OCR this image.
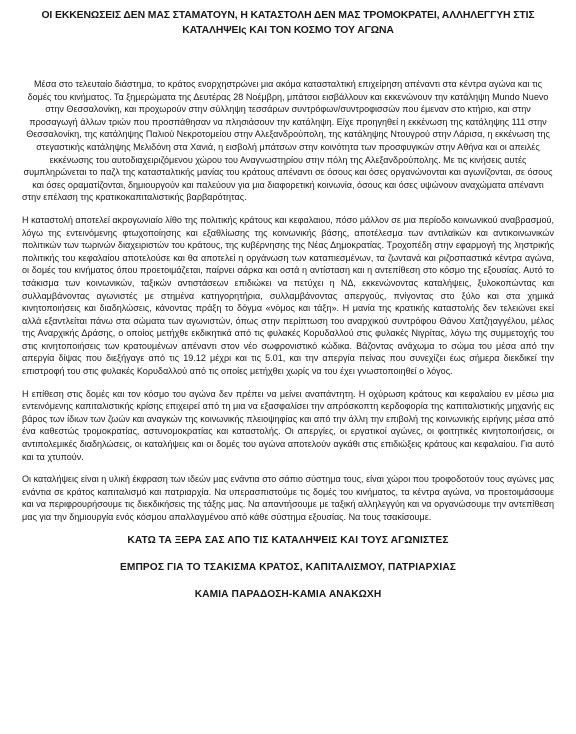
ΟΙ ΕΚΚΕΝΩΣΕΙΣ ΔΕΝ ΜΑΣ ΣΤΑΜΑΤΟΥΝ, Η ΚΑΤΑΣΤΟΛΗ ΔΕΝ ΜΑΣ ΤΡΟΜΟΚΡΑΤΕΙ, ΑΛΛΗΛΕΓΓΥΗ ΣΤΙΣ
ΚΑΤΑΛΗΨΕΙς ΚΑΙ ΤΟΝ ΚΟΣΜΟ ΤΟΥ ΑΓΩΝΑ

Μέσα στο τελευταίο διάστημα, το κράτος ενορχηστρώνει μια ακόμα κατασταλτική επιχείρηση απέναντι στα κέντρα αγώνα και τις δομές του κινήματος. Τα ξημερώματα της Δευτέρας 28 Νοέμβρη, μπάτσοι εισβάλλουν και εκκενώνουν την κατάληψη Mundo Nuevo στην Θεσσαλονίκη, και προχωρούν στην σύλληψη τεσσάρων συντρόφων/συντροφισσών που έμεναν στο κτήριο, και στην προσαγωγή άλλων τριών που προσπάθησαν να πλησιάσουν την κατάληψη. Είχε προηγηθεί η εκκένωση της κατάληψης 111 στην Θεσσαλονίκη, της κατάληψης Παλιού Νεκροτομείου στην Αλεξανδρούπολη, της κατάληψης Ντουγρού στην Λάρισα, η εκκένωση της στεγαστικής κατάληψης Μελιδόνη στα Χανιά, η εισβολή μπάτσων στην κοινότητα των προσφυγικών στην Αθήνα και οι απειλές εκκένωσης του αυτοδιαχειριζόμενου χώρου του Αναγνωστηρίου στην πόλη της Αλεξανδρούπολης. Με τις κινήσεις αυτές συμπληρώνεται το παζλ της κατασταλτικής μανίας του κράτους απέναντι σε όσους και όσες οργανώνονται και αγωνίζονται, σε όσους και όσες οραματίζονται, δημιουργούν και παλεύουν για μια διαφορετική κοινωνία, όσους και όσες υψώνουν αναχώματα απέναντι στην επέλαση της κρατικοκαπιταλιστικής βαρβαρότητας.

Η καταστολή αποτελεί ακρογωνιαίο λίθο της πολιτικής κράτους και κεφαλαιου, πόσο μάλλον σε μια περίοδο κοινωνικού αναβρασμού, λόγω της εντεινόμενης φτωχοποίησης και εξαθλίωσης της κοινωνικής βάσης, αποτέλεσμα των αντιλαϊκών και αντικοινωνικών πολιτικών των τωρινών διαχειριστών του κράτους, της κυβέρνησης της Νέας Δημοκρατίας. Τροχοπέδη στην εφαρμογή της ληστρικής πολιτικής του κεφαλαίου αποτελούσε και θα αποτελεί η οργάνωση των καταπιεσμένων, τα ζωντανά και ριζοσπαστικά κέντρα αγώνα, οι δομές του κινήματος όπου προετοιμάζεται, παίρνει σάρκα και οστά η αντίσταση και η αντεπίθεση στο κόσμο της εξουσίας. Αυτό το τσάκισμα των κοινωνικών, ταξικών αντιστάσεων επιδιώκει να πετύχει η ΝΔ, εκκενώνοντας καταλήψεις, ξυλοκοπώντας και συλλαμβάνοντας αγωνιστές με στημένα κατηγορητήρια, συλλαμβάνοντας απεργούς, πνίγοντας στο ξύλο και στα χημικά κινητοποιήσεις και διαδηλώσεις, κάνοντας πράξη το δόγμα «νόμος και τάξη». Η μανία της κρατικής καταστολής δεν τελειώνει εκεί αλλά εξαντλείται πάνω στα σώματα των αγωνιστών, όπως στην περίπτωση του αναρχικού συντρόφου Θάνου Χατζηαγγέλου, μέλος της Αναρχικής Δράσης, ο οποίος μετήχθε εκδικητικά από τις φυλακές Κορυδαλλού στις φυλακές Νιγρίτας, λόγω της συμμετοχής του στις κινητοποιήσεις των κρατουμένων απέναντι στον νέο σωφρονιστικό κώδικα. Βάζοντας ανάχωμα το σώμα του μέσα από την απεργία δίψας που διεξήγαγε από τις 19.12 μέχρι και τις 5.01, και την απεργία πείνας που συνεχίζει έως σήμερα διεκδικεί την επιστροφή του στις φυλακές Κορυδαλλού από τις οποίες μετήχθει χωρίς να του έχει γνωστοποιηθεί ο λόγος.

Η επίθεση στις δομές και τον κόσμο του αγώνα δεν πρέπει να μείνει αναπάντητη. Η οχύρωση κράτους και κεφαλαίου εν μέσω μια εντεινόμενης καπιταλιστικής κρίσης επιχειρεί από τη μια να εξασφαλίσει την απρόσκοπτη κερδοφορία της καπιταλιστικής μηχανής εις βάρος των ίδιων των ζωών και αναγκών της κοινωνικής πλειοψηφίας και από την άλλη την επιβολή της κοινωνικής ειρήνης μέσα από ένα καθεστώς τρομοκρατίας, αστυνομοκρατίας και καταστολής. Οι απεργίες, οι εργατικοί αγώνες, οι φοιτητικές κινητοποιήσεις, οι αντιπολεμικές διαδηλώσεις, οι καταλήψεις και οι δομές του αγώνα αποτελούν αγκάθι στις επιδιώξεις κράτους και κεφαλαίου. Για αυτό και τα χτυπούν.

Οι καταλήψεις είναι η υλική έκφραση των ιδεών μας ενάντια στο σάπιο σύστημα τους, είναι χώροι που τροφοδοτούν τους αγώνες μας ενάντια σε κράτος καπιταλισμό και πατριαρχία. Να υπερασπιστούμε τις δομές του κινήματος, τα κέντρα αγώνα, να προετοιμάσουμε και να περιφρουρήσουμε τις διεκδικήσεις της τάξης μας. Να απαντήσουμε με ταξική αλληλεγγύη και να οργανώσουμε την αντεπίθεση μας για την δημιουργία ενός κόσμου απαλλαγμένου από κάθε σύστημα εξουσίας. Να τους τσακίσουμε.

ΚΑΤΩ ΤΑ ΞΕΡΑ ΣΑΣ ΑΠΟ ΤΙΣ ΚΑΤΑΛΗΨΕΙΣ ΚΑΙ ΤΟΥΣ ΑΓΩΝΙΣΤΕΣ
ΕΜΠΡΟΣ ΓΙΑ ΤΟ ΤΣΑΚΙΣΜΑ ΚΡΑΤΟΣ, ΚΑΠΙΤΑΛΙΣΜΟΥ, ΠΑΤΡΙΑΡΧΙΑΣ
ΚΑΜΙΑ ΠΑΡΑΔΟΣΗ-ΚΑΜΙΑ ΑΝΑΚΩΧΗ
